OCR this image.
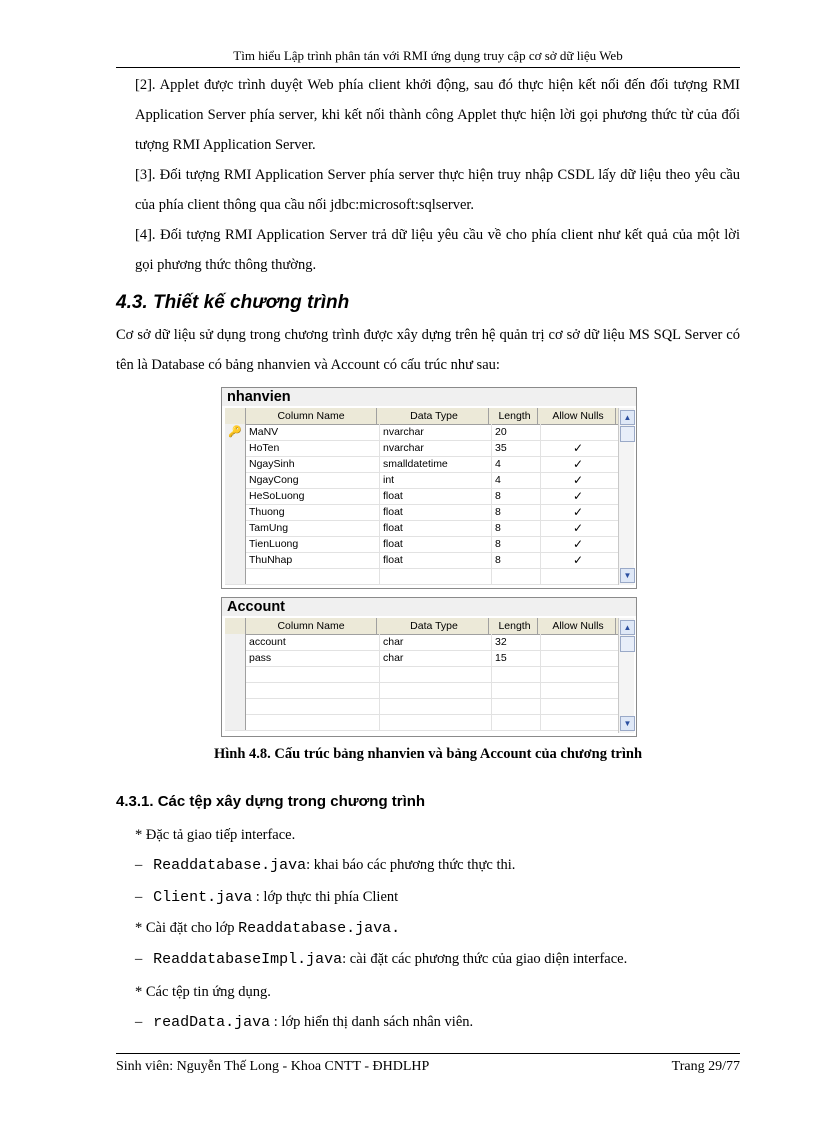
Tìm hiểu Lập trình phân tán với RMI ứng dụng truy cập cơ sở dữ liệu Web
[2]. Applet được trình duyệt Web phía client khởi động, sau đó thực hiện kết nối đến đối tượng RMI Application Server phía server, khi kết nối thành công Applet thực hiện lời gọi phương thức từ của đối tượng RMI Application Server.
[3]. Đối tượng RMI Application Server phía server thực hiện truy nhập CSDL lấy dữ liệu theo yêu cầu của phía client thông qua cầu nối jdbc:microsoft:sqlserver.
[4]. Đối tượng RMI Application Server trả dữ liệu yêu cầu về cho phía client như kết quả của một lời gọi phương thức thông thường.
4.3. Thiết kế chương trình
Cơ sở dữ liệu sử dụng trong chương trình được xây dựng trên hệ quản trị cơ sở dữ liệu MS SQL Server có tên là Database có bảng nhanvien và Account có cấu trúc như sau:
nhanvien
Column Name	Data Type	Length	Allow Nulls
🔑 MaNV	nvarchar	20
HoTen	nvarchar	35	✓
NgaySinh	smalldatetime	4	✓
NgayCong	int	4	✓
HeSoLuong	float	8	✓
Thuong	float	8	✓
TamUng	float	8	✓
TienLuong	float	8	✓
ThuNhap	float	8	✓
▲
▼
Account
Column Name	Data Type	Length	Allow Nulls
account	char	32
pass	char	15
▲
▼
Hình 4.8. Cấu trúc bảng nhanvien và bảng Account của chương trình
4.3.1. Các tệp xây dựng trong chương trình
* Đặc tả giao tiếp interface.
– Readdatabase.java: khai báo các phương thức thực thi.
– Client.java : lớp thực thi phía Client
* Cài đặt cho lớp Readdatabase.java.
– ReaddatabaseImpl.java: cài đặt các phương thức của giao diện interface.
* Các tệp tin ứng dụng.
– readData.java : lớp hiển thị danh sách nhân viên.
Sinh viên: Nguyễn Thế Long - Khoa CNTT - ĐHDLHP	Trang 29/77
